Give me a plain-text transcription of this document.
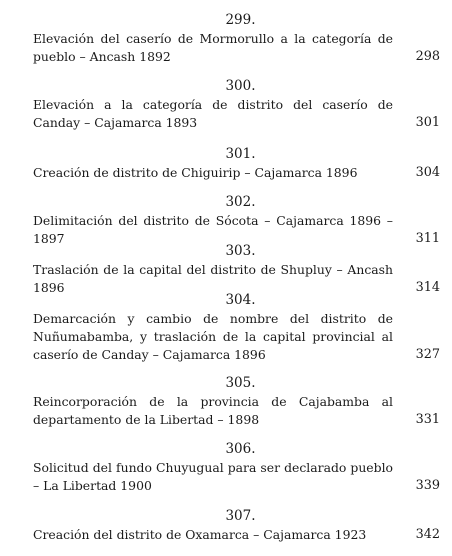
299.
Elevación del caserío de Mormorullo a la categoría de pueblo – Ancash 1892	298
300.
Elevación a la categoría de distrito del caserío de Canday – Cajamarca 1893	301
301.
Creación de distrito de Chiguirip – Cajamarca 1896	304
302.
Delimitación del distrito de Sócota – Cajamarca 1896 – 1897	311
303.
Traslación de la capital del distrito de Shupluy – Ancash 1896	314
304.
Demarcación y cambio de nombre del distrito de Nuñumabamba, y traslación de la capital provincial al caserío de Canday – Cajamarca 1896	327
305.
Reincorporación de la provincia de Cajabamba al departamento de la Libertad – 1898	331
306.
Solicitud del fundo Chuyugual para ser declarado pueblo – La Libertad 1900	339
307.
Creación del distrito de Oxamarca – Cajamarca 1923	342
